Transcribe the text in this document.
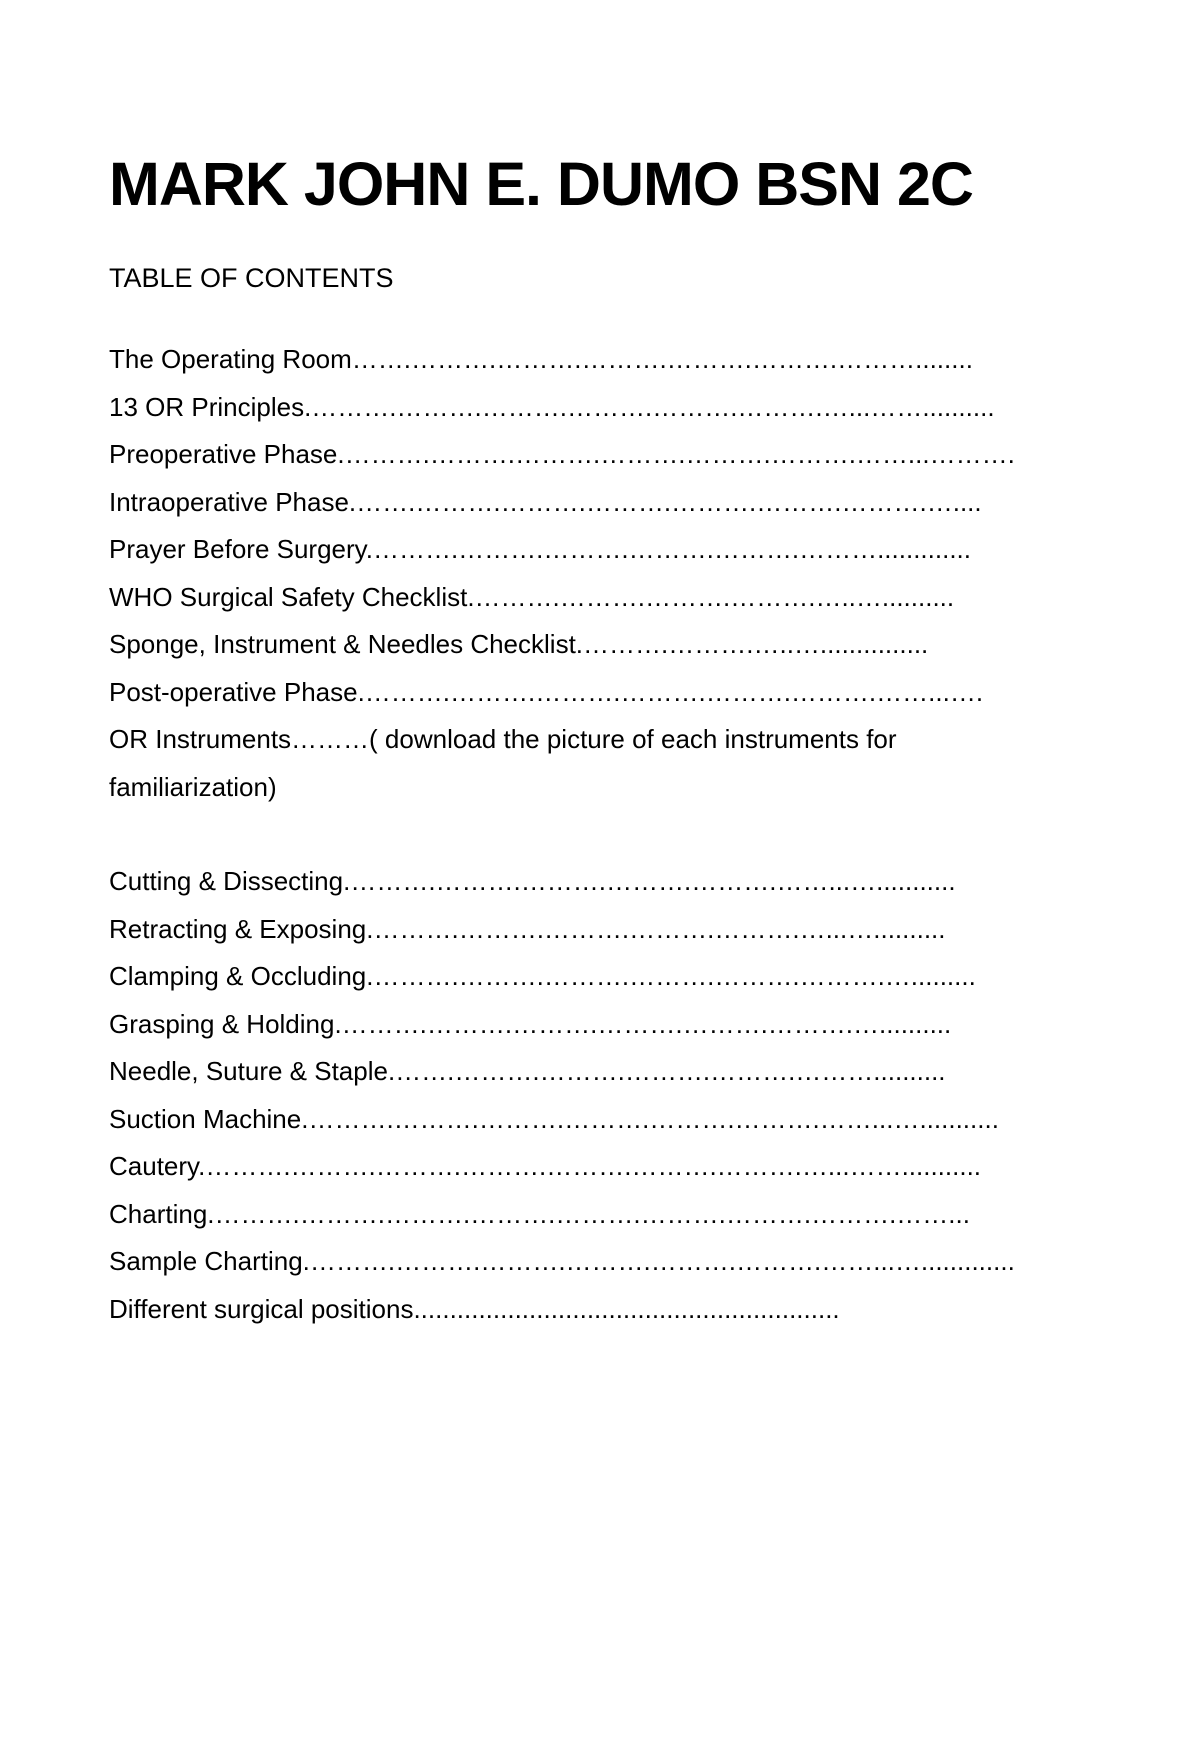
MARK JOHN E. DUMO BSN 2C
TABLE OF CONTENTS
The Operating Room…….……….……….……….……….……….………........
13 OR Principles.……….……….……….……….……….……….…...……..........
Preoperative Phase.……….……….……….……….……….……….……...……….
Intraoperative Phase.…….……….……….……….……….……….……….…....
Prayer Before Surgery.……….……….……….……….……….……….............
WHO Surgical Safety Checklist.……….……….……….……….…..…..........
Sponge, Instrument & Needles Checklist.……….……….…..…...............
Post-operative Phase.……….……….……….……….……….……….……...….
OR Instruments………( download the picture of each instruments for familiarization)
Cutting & Dissecting.……….……….……….……….……….……...…...........
Retracting & Exposing.……….……….……….……….……….…...…..........
Clamping & Occluding.……….……….……….……….……….……….….........
Grasping & Holding.……….……….……….……….……….……….…..........
Needle, Suture & Staple.…….……….……….……….……….………..........
Suction Machine.……….……….……….……….……….……….……...…...........
Cautery.……….……….……….……….……….……….……….…...……...........
Charting.……….……….……….……….……….……….……….……….……...
Sample Charting.……….……….……….……….……….……….……...….............
Different surgical positions...........................................................
